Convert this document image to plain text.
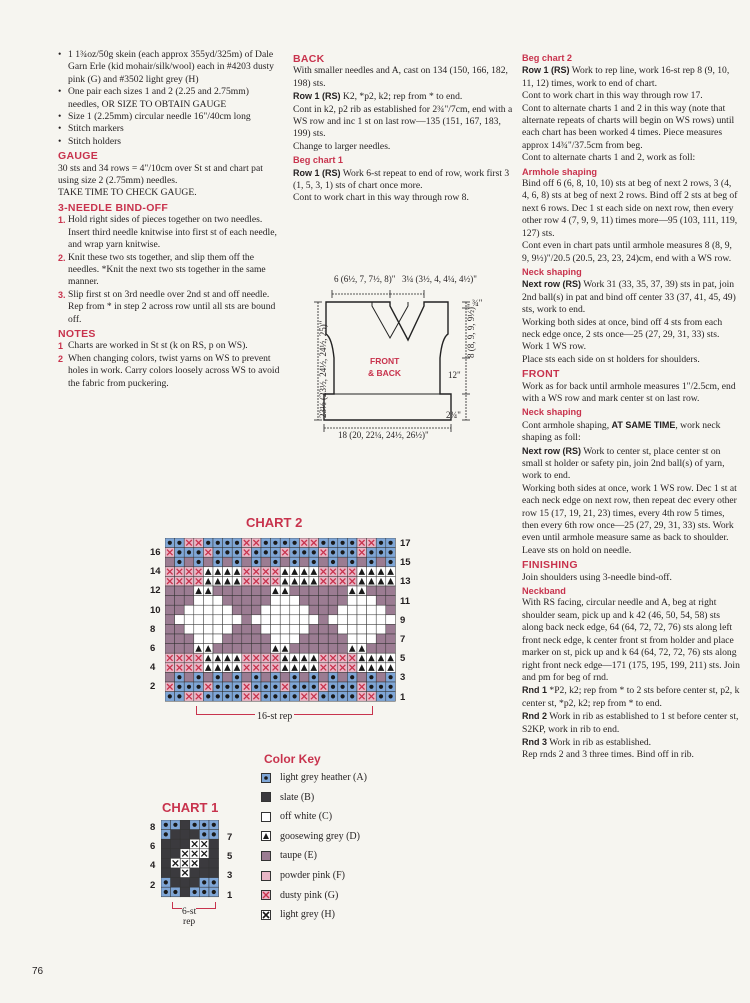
• 1 1¾oz/50g skein (each approx 355yd/325m) of Dale Garn Erle (kid mohair/silk/wool) each in #4203 dusty pink (G) and #3502 light grey (H)
• One pair each sizes 1 and 2 (2.25 and 2.75mm) needles, OR SIZE TO OBTAIN GAUGE
• Size 1 (2.25mm) circular needle 16"/40cm long
• Stitch markers
• Stitch holders
GAUGE

30 sts and 34 rows = 4"/10cm over St st and chart pat using size 2 (2.75mm) needles.

TAKE TIME TO CHECK GAUGE.

3-NEEDLE BIND-OFF
1. Hold right sides of pieces together on two needles. Insert third needle knitwise into first st of each needle, and wrap yarn knitwise.
2. Knit these two sts together, and slip them off the needles. *Knit the next two sts together in the same manner.
3. Slip first st on 3rd needle over 2nd st and off needle. Rep from * in step 2 across row until all sts are bound off.
NOTES
1 Charts are worked in St st (k on RS, p on WS).
2 When changing colors, twist yarns on WS to prevent holes in work. Carry colors loosely across WS to avoid the fabric from puckering.
BACK

With smaller needles and A, cast on 134 (150, 166, 182, 198) sts.

Row 1 (RS) K2, *p2, k2; rep from * to end.

Cont in k2, p2 rib as established for 2¾"/7cm, end with a WS row and inc 1 st on last row—135 (151, 167, 183, 199) sts.

Change to larger needles.

Beg chart 1

Row 1 (RS) Work 6-st repeat to end of row, work first 3 (1, 5, 3, 1) sts of chart once more.

Cont to work chart in this way through row 8.

6 (6½, 7, 7½, 8)" 3¼ (3½, 4, 4¼, 4½)"
¾"
8 (8, 9, 9, 9½)"
23½ (23½, 24½, 24½, 25)"	12"
2¾"
18 (20, 22¼, 24½, 26½)"
FRONT
& BACK
Beg chart 2

Row 1 (RS) Work to rep line, work 16-st rep 8 (9, 10, 11, 12) times, work to end of chart.

Cont to work chart in this way through row 17.

Cont to alternate charts 1 and 2 in this way (note that alternate repeats of charts will begin on WS rows) until each chart has been worked 4 times. Piece measures approx 14¾"/37.5cm from beg.

Cont to alternate charts 1 and 2, work as foll:

Armhole shaping

Bind off 6 (6, 8, 10, 10) sts at beg of next 2 rows, 3 (4, 4, 6, 8) sts at beg of next 2 rows. Bind off 2 sts at beg of next 6 rows. Dec 1 st each side on next row, then every other row 4 (7, 9, 9, 11) times more—95 (103, 111, 119, 127) sts.

Cont even in chart pats until armhole measures 8 (8, 9, 9, 9½)"/20.5 (20.5, 23, 23, 24)cm, end with a WS row.

Neck shaping

Next row (RS) Work 31 (33, 35, 37, 39) sts in pat, join 2nd ball(s) in pat and bind off center 33 (37, 41, 45, 49) sts, work to end.

Working both sides at once, bind off 4 sts from each neck edge once, 2 sts once—25 (27, 29, 31, 33) sts. Work 1 WS row.

Place sts each side on st holders for shoulders.

FRONT

Work as for back until armhole measures 1"/2.5cm, end with a WS row and mark center st on last row.

Neck shaping

Cont armhole shaping, AT SAME TIME, work neck shaping as foll:

Next row (RS) Work to center st, place center st on small st holder or safety pin, join 2nd ball(s) of yarn, work to end.

Working both sides at once, work 1 WS row. Dec 1 st at each neck edge on next row, then repeat dec every other row 15 (17, 19, 21, 23) times, every 4th row 5 times, then every 6th row once—25 (27, 29, 31, 33) sts. Work even until armhole measure same as back to shoulder. Leave sts on hold on needle.

FINISHING

Join shoulders using 3-needle bind-off.

Neckband

With RS facing, circular needle and A, beg at right shoulder seam, pick up and k 42 (46, 50, 54, 58) sts along back neck edge, 64 (64, 72, 72, 76) sts along left front neck edge, k center front st from holder and place marker on st, pick up and k 64 (64, 72, 72, 76) sts along right front neck edge—171 (175, 195, 199, 211) sts. Join and pm for beg of rnd.

Rnd 1 *P2, k2; rep from * to 2 sts before center st, p2, k center st, *p2, k2; rep from * to end.

Rnd 2 Work in rib as established to 1 st before center st, S2KP, work in rib to end.

Rnd 3 Work in rib as established.

Rep rnds 2 and 3 three times. Bind off in rib.

CHART 2
16
14
12
10
8
6
4
2
17
15
13
11
9
7
5
3
1
16-st rep
CHART 1
8
6
4
2
7
5
3
1
6-st
rep
Color Key
light grey heather (A)
slate (B)
off white (C)
goosewing grey (D)
taupe (E)
powder pink (F)
dusty pink (G)
light grey (H)
76
